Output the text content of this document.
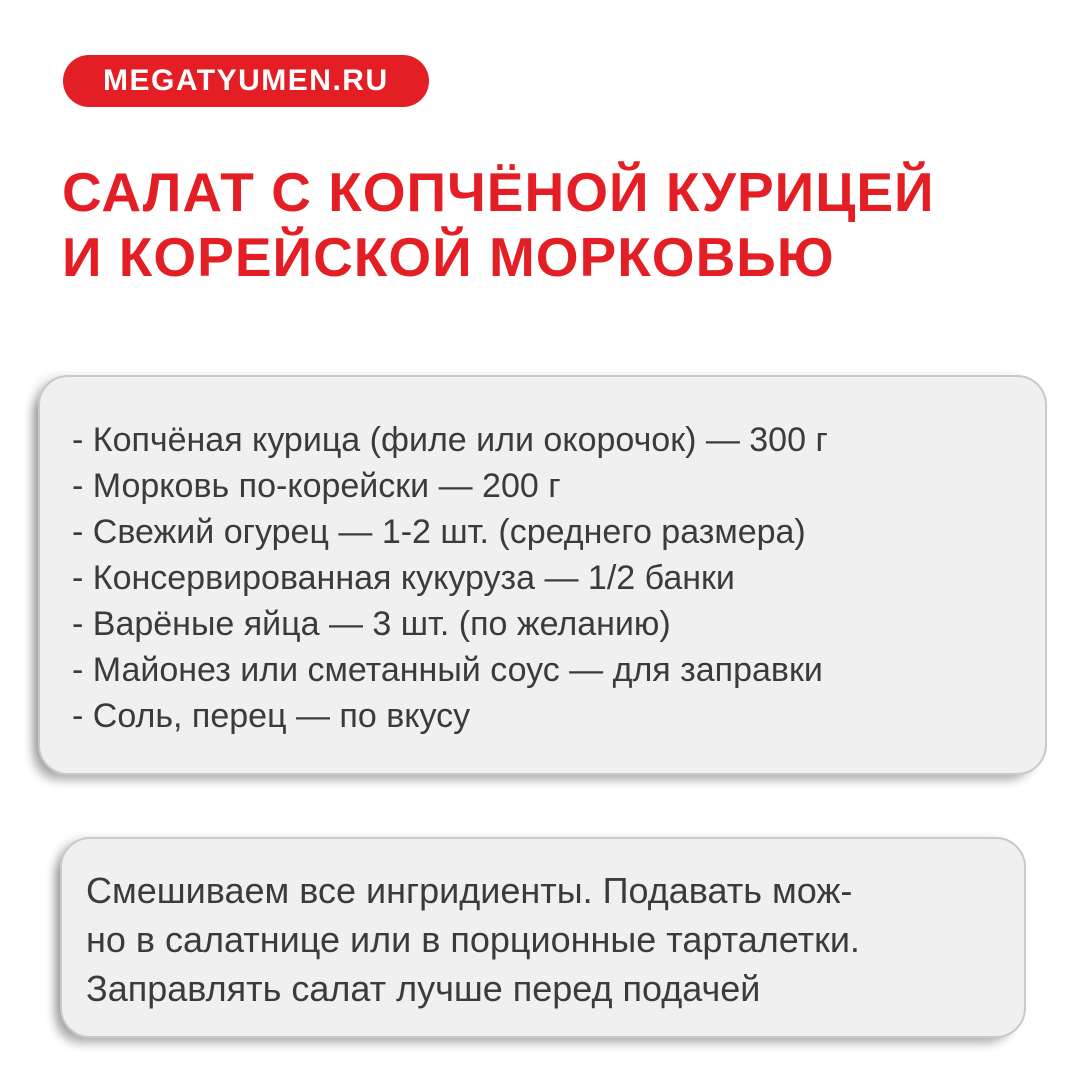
MEGATYUMEN.RU
САЛАТ С КОПЧЁНОЙ КУРИЦЕЙ
И КОРЕЙСКОЙ МОРКОВЬЮ
- Копчёная курица (филе или окорочок) — 300 г
- Морковь по-корейски — 200 г
- Свежий огурец — 1-2 шт. (среднего размера)
- Консервированная кукуруза — 1/2 банки
- Варёные яйца — 3 шт. (по желанию)
- Майонез или сметанный соус — для заправки
- Соль, перец — по вкусу
Смешиваем все ингридиенты. Подавать мож-
но в салатнице или в порционные тарталетки.
Заправлять салат лучше перед подачей
